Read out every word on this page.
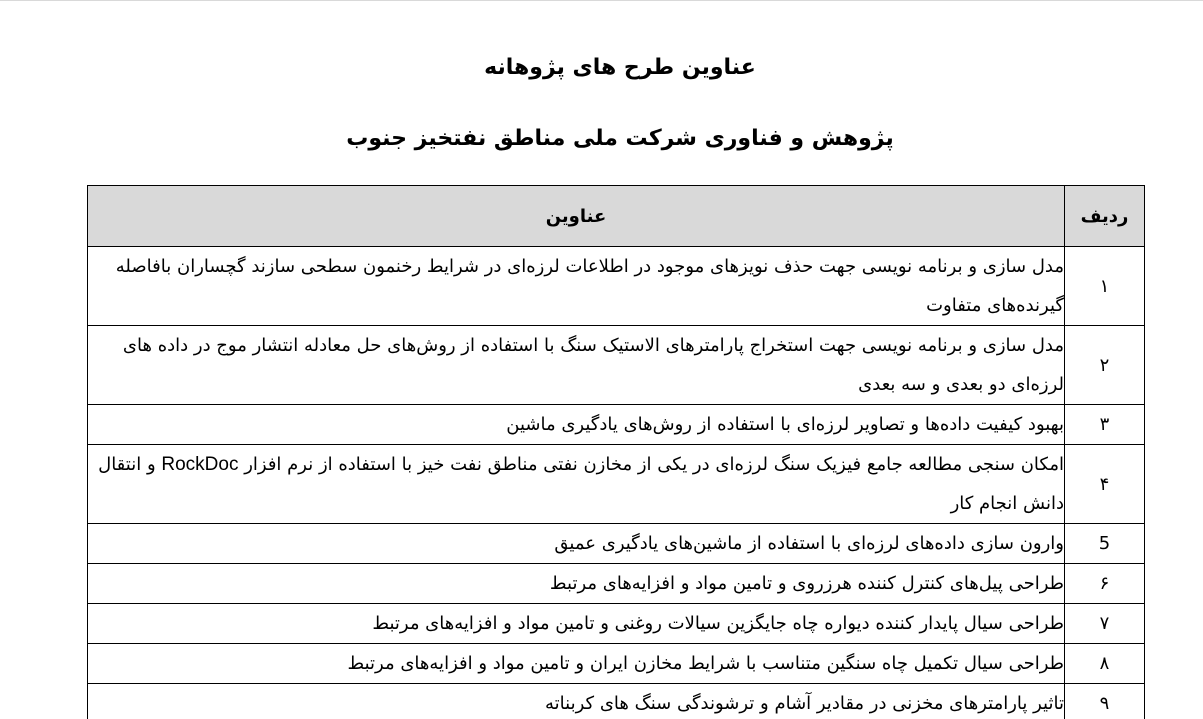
عناوین طرح های پژوهانه
پژوهش و فناوری شرکت ملی مناطق نفتخیز جنوب
ردیف	عناوین
۱	مدل سازی و برنامه نویسی جهت حذف نویزهای موجود در اطلاعات لرزه‌ای در شرایط رخنمون سطحی سازند گچساران بافاصله گیرنده‌های متفاوت
۲	مدل سازی و برنامه نویسی جهت استخراج پارامترهای الاستیک سنگ با استفاده از روش‌های حل معادله انتشار موج در داده های لرزه‌ای دو بعدی و سه بعدی
۳	بهبود کیفیت داده‌ها و تصاویر لرزه‌ای با استفاده از روش‌های یادگیری ماشین
۴	امکان سنجی مطالعه جامع فیزیک سنگ لرزه‌ای در یکی از مخازن نفتی مناطق نفت خیز با استفاده از نرم افزار RockDoc و انتقال دانش انجام کار
5	وارون سازی داده‌های لرزه‌ای با استفاده از ماشین‌های یادگیری عمیق
۶	طراحی پیل‌های کنترل کننده هرزروی و تامین مواد و افزایه‌های مرتبط
۷	طراحی سیال پایدار کننده دیواره چاه جایگزین سیالات روغنی و تامین مواد و افزایه‌های مرتبط
۸	طراحی سیال تکمیل چاه سنگین متناسب با شرایط مخازن ایران و تامین مواد و افزایه‌های مرتبط
۹	تاثیر پارامترهای مخزنی در مقادیر آشام و ترشوندگی سنگ های کربناته
